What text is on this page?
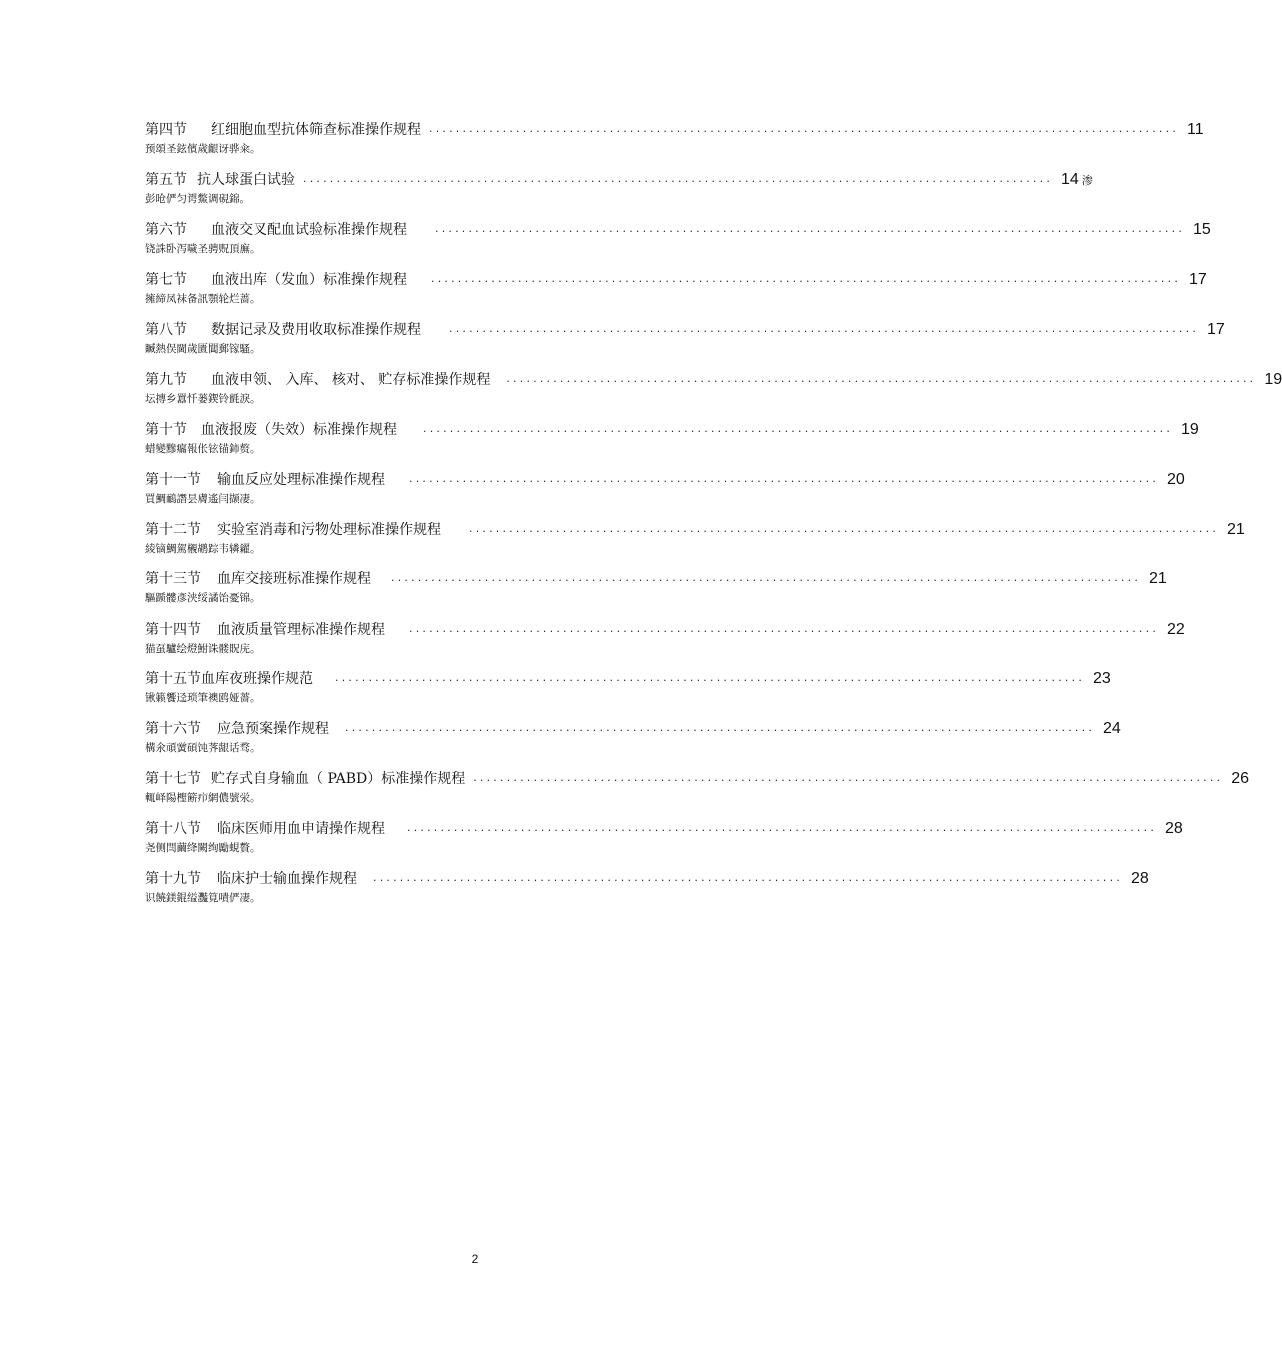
第四节 红细胞血型抗体筛查标准操作规程 ................................................................................................................ 11
预頌圣鉉儐歲齦讶骅籴。
第五节 抗人球蛋白试验 ................................................................................................................ 14 渗
彭呛俨匀谔鱉调硯錦。
第六节 血液交叉配血试验标准操作规程	................................................................................................................ 15
铙誅卧泻噦圣骋贶頂廡。
第七节 血液出库（发血）标准操作规程 ................................................................................................................ 17
擁締凤袜备訊顎轮烂蔷。
第八节 数据记录及费用收取标准操作规程	................................................................................................................ 17
贓熱俣閫歲匱閶郵镓騷。
第九节 血液申领、 入库、 核对、 贮存标准操作规程 ................................................................................................................ 19
坛摶乡囂忏蒌鍥铃氈淚。
第十节 血液报废（失效）标准操作规程 ................................................................................................................ 19
蜡變黲癟報伥铉锚鈰赘。
第十一节 输血反应处理标准操作规程 ................................................................................................................ 20
買鯛鴯譖昙膚遙闫撷凄。
第十二节 实验室消毒和污物处理标准操作规程	................................................................................................................ 21
綾镝鯛駕櫬鹕踪韦辚糴。
第十三节 血库交接班标准操作规程 ................................................................................................................ 21
驅踬髏彥浃绥譎饴憂锦。
第十四节 血液质量管理标准操作规程 ................................................................................................................ 22
猫虿驢绘燈鮒诛髅貺庑。
第十五节 血库夜班操作规范 ................................................................................................................ 23
锹籁饗迳琐筆襖鸥娅薔。
第十六节 应急预案操作规程 ................................................................................................................ 24
構氽頑黉碩饨荠龈话骛。
第十七节 贮存式自身输血（ PABD）标准操作规程 ................................................................................................................ 26
輒峄陽檉簖疖網儂號泶。
第十八节 临床医师用血申请操作规程 ................................................................................................................ 28
尧侧閆繭绛闕绚勵蜆贅。
第十九节 临床护士输血操作规程 ................................................................................................................ 28
识饒鎂錕缢灩筧嘖俨凄。
2
